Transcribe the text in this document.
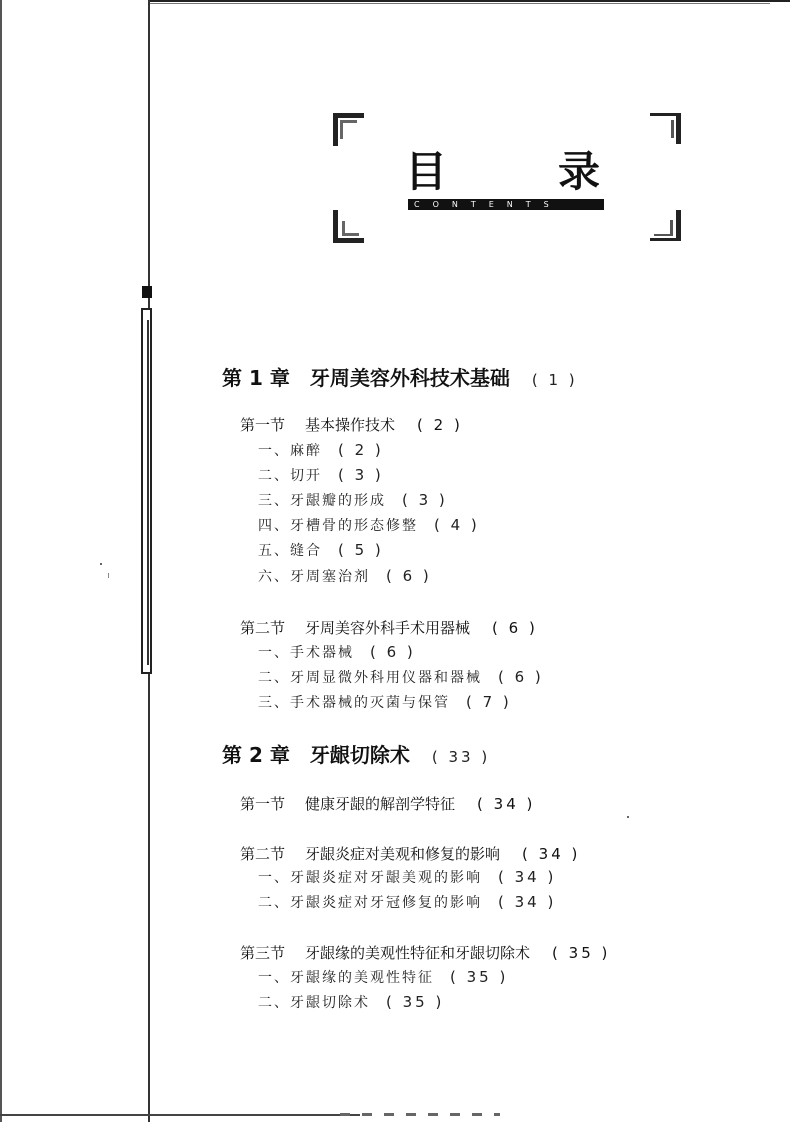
目	录
CONTENTS
第 1 章 牙周美容外科技术基础 ( 1 )
第一节 基本操作技术 ( 2 )
一、麻醉 ( 2 )
二、切开 ( 3 )
三、牙龈瓣的形成 ( 3 )
四、牙槽骨的形态修整 ( 4 )
五、缝合 ( 5 )
六、牙周塞治剂 ( 6 )
第二节 牙周美容外科手术用器械 ( 6 )
一、手术器械 ( 6 )
二、牙周显微外科用仪器和器械 ( 6 )
三、手术器械的灭菌与保管 ( 7 )
第 2 章 牙龈切除术 ( 33 )
第一节 健康牙龈的解剖学特征 ( 34 )
第二节 牙龈炎症对美观和修复的影响 ( 34 )
一、牙龈炎症对牙龈美观的影响 ( 34 )
二、牙龈炎症对牙冠修复的影响 ( 34 )
第三节 牙龈缘的美观性特征和牙龈切除术 ( 35 )
一、牙龈缘的美观性特征 ( 35 )
二、牙龈切除术 ( 35 )
